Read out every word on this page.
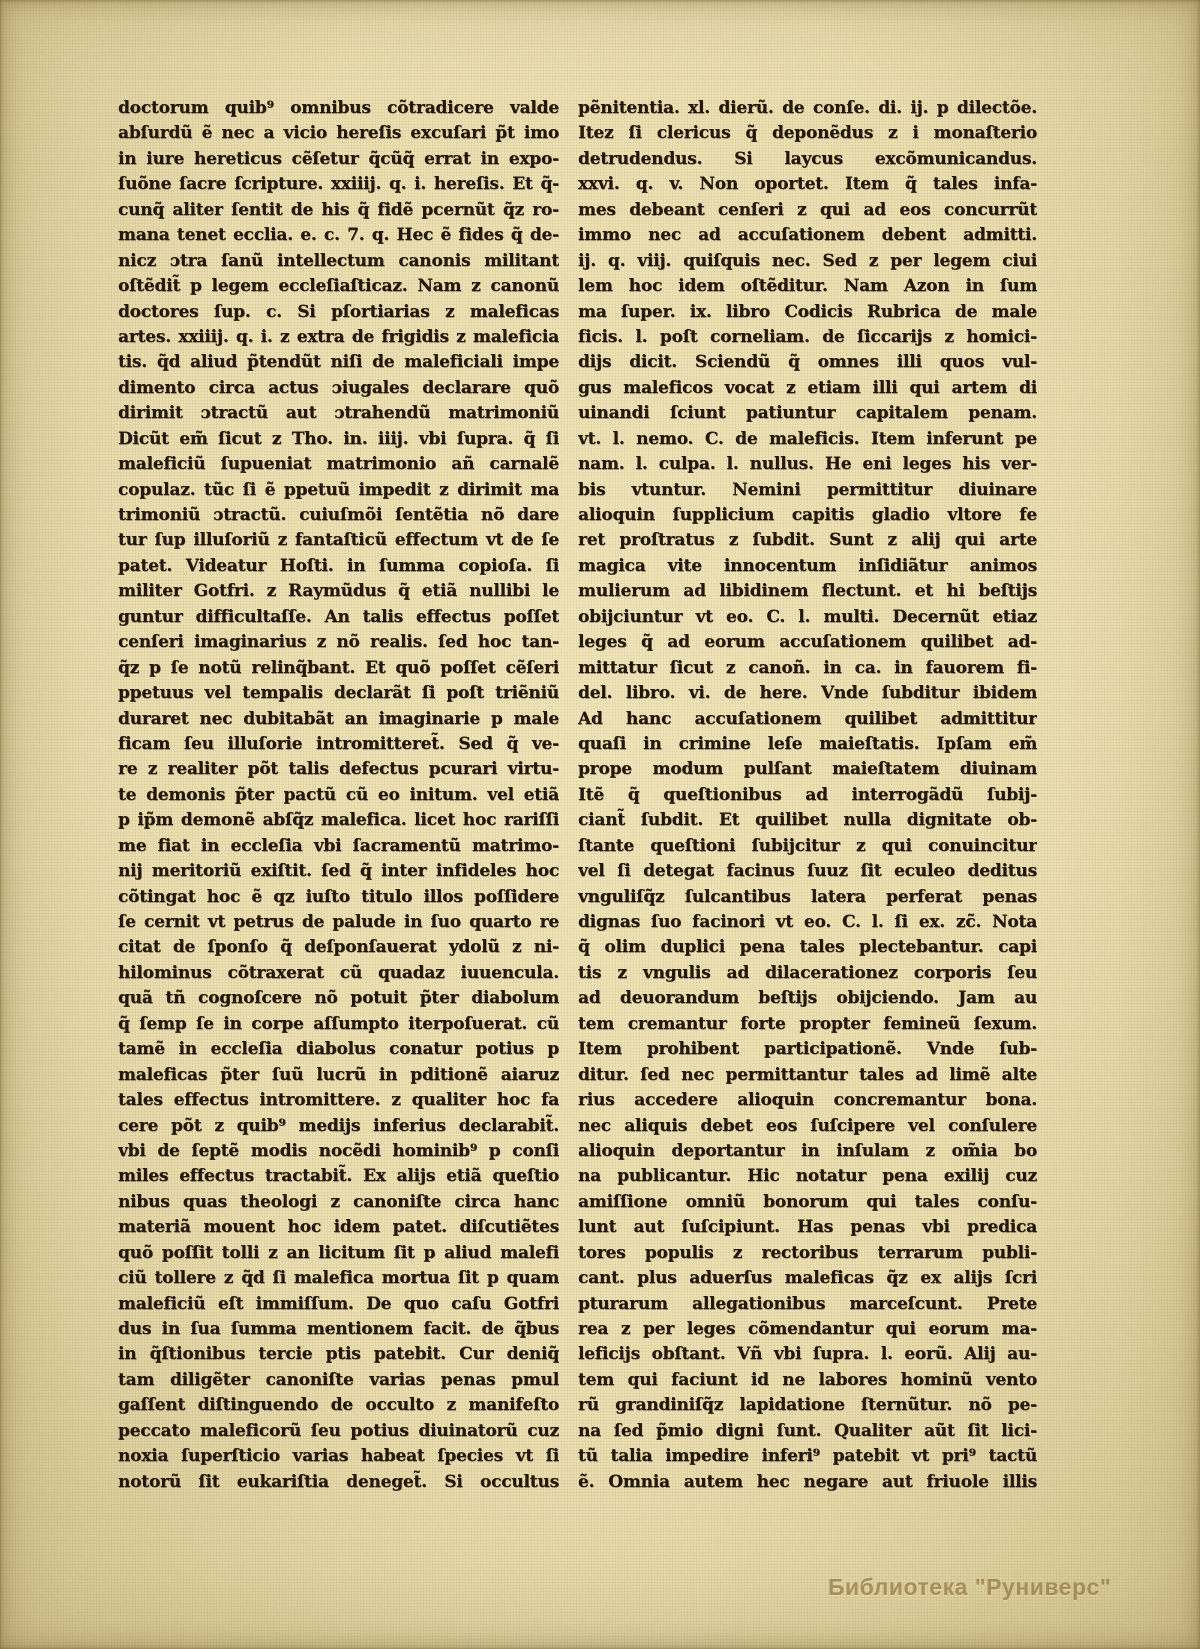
doctorum quib⁹ omnibus cõtradicere valde
abſurdũ ẽ nec a vicio hereſis excuſari p̃t imo
in iure hereticus cẽſetur q̃cũq̃ errat in expo-
ſuõne ſacre ſcripture. xxiiij. q. i. hereſis. Et q̃-
cunq̃ aliter ſentit de his q̃ fidẽ pcernũt q̃z ro-
mana tenet ecclia. e. c. 7. q. Hec ẽ fides q̃ de-
nicz ɔtra ſanũ intellectum canonis militant
oſtẽdit̃ p legem eccleſiaſticaz. Nam z canonũ
doctores ſup. c. Si pſortiarias z maleficas
artes. xxiiij. q. i. z extra de frigidis z maleficia
tis. q̃d aliud p̃tendũt niſi de maleficiali impe
dimento circa actus ɔiugales declarare quõ
dirimit ɔtractũ aut ɔtrahendũ matrimoniũ
Dicũt em̃ ſicut z Tho. in. iiij. vbi ſupra. q̃ ſi
maleficiũ ſupueniat matrimonio añ carnalẽ
copulaz. tũc ſi ẽ ppetuũ impedit z dirimit ma
trimoniũ ɔtractũ. cuiuſmõi ſentẽtia nõ dare
tur ſup illuſoriũ z fantaſticũ effectum vt de ſe
patet. Videatur Hoſti. in ſumma copioſa. ſi
militer Gotfri. z Raymũdus q̃ etiã nullibi le
guntur difficultaſſe. An talis effectus poſſet
cenſeri imaginarius z nõ realis. ſed hoc tan-
q̃z p ſe notũ relinq̃bant. Et quõ poſſet cẽſeri
ppetuus vel tempalis declarãt ſi poſt triẽniũ
duraret nec dubitabãt an imaginarie p male
ficam ſeu illuſorie intromitteret̃. Sed q̃ ve-
re z realiter põt talis defectus pcurari virtu-
te demonis p̃ter pactũ cũ eo initum. vel etiã
p ip̃m demonẽ abſq̃z malefica. licet hoc rariſſi
me fiat in eccleſia vbi ſacramentũ matrimo-
nij meritoriũ exiſtit. ſed q̃ inter infideles hoc
cõtingat hoc ẽ qz iuſto titulo illos poſſidere
ſe cernit vt petrus de palude in ſuo quarto re
citat de ſponſo q̃ deſponſauerat ydolũ z ni-
hilominus cõtraxerat cũ quadaz iuuencula.
quã tñ cognoſcere nõ potuit p̃ter diabolum
q̃ ſemp ſe in corpe aſſumpto iterpoſuerat. cũ
tamẽ in eccleſia diabolus conatur potius p
maleficas p̃ter ſuũ lucrũ in pditionẽ aiaruz
tales effectus intromittere. z qualiter hoc fa
cere põt z quib⁹ medijs inferius declarabit̃.
vbi de ſeptẽ modis nocẽdi hominib⁹ p conſi
miles effectus tractabit̃. Ex alijs etiã queſtio
nibus quas theologi z canoniſte circa hanc
materiã mouent hoc idem patet. diſcutiẽtes
quõ poſſit tolli z an licitum ſit p aliud malefi
ciũ tollere z q̃d ſi malefica mortua ſit p quam
maleficiũ eſt immiſſum. De quo caſu Gotfri
dus in ſua ſumma mentionem facit. de q̃bus
in q̃ſtionibus tercie ptis patebit. Cur deniq̃
tam diligẽter canoniſte varias penas pmul
gaſſent diſtinguendo de occulto z manifeſto
peccato maleficorũ ſeu potius diuinatorũ cuz
noxia ſuperſticio varias habeat ſpecies vt ſi
notorũ ſit eukariſtia deneget̃. Si occultus
pẽnitentia. xl. dierũ. de conſe. di. ij. p dilectõe.
Itez ſi clericus q̃ deponẽdus z i monaſterio
detrudendus. Si laycus excõmunicandus.
xxvi. q. v. Non oportet. Item q̃ tales infa-
mes debeant cenſeri z qui ad eos concurrũt
immo nec ad accuſationem debent admitti.
ij. q. viij. quiſquis nec. Sed z per legem ciui
lem hoc idem oſtẽditur. Nam Azon in ſum
ma ſuper. ix. libro Codicis Rubrica de male
ficis. l. poſt corneliam. de ſiccarijs z homici-
dijs dicit. Sciendũ q̃ omnes illi quos vul-
gus maleficos vocat z etiam illi qui artem di
uinandi ſciunt patiuntur capitalem penam.
vt. l. nemo. C. de maleficis. Item inferunt pe
nam. l. culpa. l. nullus. He eni leges his ver-
bis vtuntur. Nemini permittitur diuinare
alioquin ſupplicium capitis gladio vltore fe
ret proſtratus z ſubdit. Sunt z alij qui arte
magica vite innocentum inſidiãtur animos
mulierum ad libidinem flectunt. et hi beſtijs
obijciuntur vt eo. C. l. multi. Decernũt etiaz
leges q̃ ad eorum accuſationem quilibet ad-
mittatur ſicut z canoñ. in ca. in fauorem fi-
del. libro. vi. de here. Vnde ſubditur ibidem
Ad hanc accuſationem quilibet admittitur
quaſi in crimine leſe maieſtatis. Ipſam em̃
prope modum pulſant maieſtatem diuinam
Itẽ q̃ queſtionibus ad interrogãdũ ſubij-
ciant̃ ſubdit. Et quilibet nulla dignitate ob-
ſtante queſtioni ſubijcitur z qui conuincitur
vel ſi detegat facinus ſuuz ſit eculeo deditus
vnguliſq̃z ſulcantibus latera perferat penas
dignas ſuo facinori vt eo. C. l. ſi ex. zc̃. Nota
q̃ olim duplici pena tales plectebantur. capi
tis z vngulis ad dilacerationez corporis ſeu
ad deuorandum beſtijs obijciendo. Jam au
tem cremantur forte propter femineũ ſexum.
Item prohibent participationẽ. Vnde ſub-
ditur. ſed nec permittantur tales ad limẽ alte
rius accedere alioquin concremantur bona.
nec aliquis debet eos ſuſcipere vel conſulere
alioquin deportantur in inſulam z om̃ia bo
na publicantur. Hic notatur pena exilij cuz
amiſſione omniũ bonorum qui tales conſu-
lunt aut ſuſcipiunt. Has penas vbi predica
tores populis z rectoribus terrarum publi-
cant. plus aduerſus maleficas q̃z ex alijs ſcri
pturarum allegationibus marceſcunt. Prete
rea z per leges cõmendantur qui eorum ma-
leficijs obſtant. Vñ vbi ſupra. l. eorũ. Alij au-
tem qui faciunt id ne labores hominũ vento
rũ grandiniſq̃z lapidatione ſternũtur. nõ pe-
na ſed p̃mio digni ſunt. Qualiter aũt ſit lici-
tũ talia impedire inferi⁹ patebit vt pri⁹ tactũ
ẽ. Omnia autem hec negare aut friuole illis
Библиотека "Руниверс"
